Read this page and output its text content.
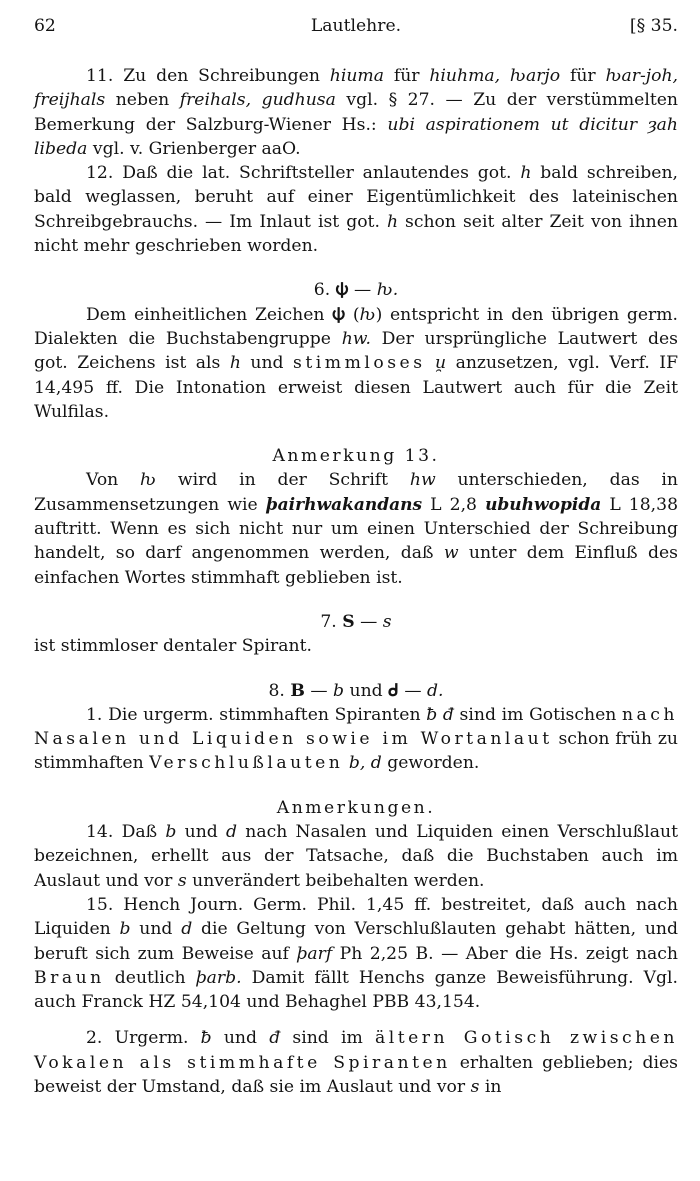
62	Lautlehre.	[§ 35.

11. Zu den Schreibungen hiuma für hiuhma, ƕarjo für ƕar-joh, freijhals neben freihals, gudhusa vgl. § 27. — Zu der verstümmelten Bemerkung der Salzburg-Wiener Hs.: ubi aspirationem ut dicitur ȝah libeda vgl. v. Grienberger aaO.

12. Daß die lat. Schriftsteller anlautendes got. h bald schreiben, bald weglassen, beruht auf einer Eigentümlichkeit des lateinischen Schreibgebrauchs. — Im Inlaut ist got. h schon seit alter Zeit von ihnen nicht mehr geschrieben worden.

6. 𐌸 — ƕ.

Dem einheitlichen Zeichen 𐌸 (ƕ) entspricht in den übrigen germ. Dialekten die Buchstabengruppe hw. Der ursprüngliche Lautwert des got. Zeichens ist als h und stimmloses u̯ anzusetzen, vgl. Verf. IF 14,495 ff. Die Intonation erweist diesen Lautwert auch für die Zeit Wulfilas.

Anmerkung 13.

Von ƕ wird in der Schrift hw unterschieden, das in Zusammensetzungen wie þairhwakandans L 2,8 ubuhwopida L 18,38 auftritt. Wenn es sich nicht nur um einen Unterschied der Schreibung handelt, so darf angenommen werden, daß w unter dem Einfluß des einfachen Wortes stimmhaft geblieben ist.

7. S — s

ist stimmloser dentaler Spirant.

8. B — b und ᑯ — d.

1. Die urgerm. stimmhaften Spiranten ƀ đ sind im Gotischen nach Nasalen und Liquiden sowie im Wortanlaut schon früh zu stimmhaften Verschlußlauten b, d geworden.

Anmerkungen.

14. Daß b und d nach Nasalen und Liquiden einen Verschlußlaut bezeichnen, erhellt aus der Tatsache, daß die Buchstaben auch im Auslaut und vor s unverändert beibehalten werden.

15. Hench Journ. Germ. Phil. 1,45 ff. bestreitet, daß auch nach Liquiden b und d die Geltung von Verschlußlauten gehabt hätten, und beruft sich zum Beweise auf þarf Ph 2,25 B. — Aber die Hs. zeigt nach Braun deutlich þarb. Damit fällt Henchs ganze Beweisführung. Vgl. auch Franck HZ 54,104 und Behaghel PBB 43,154.

2. Urgerm. ƀ und đ sind im ältern Gotisch zwischen Vokalen als stimmhafte Spiranten erhalten geblieben; dies beweist der Umstand, daß sie im Auslaut und vor s in
